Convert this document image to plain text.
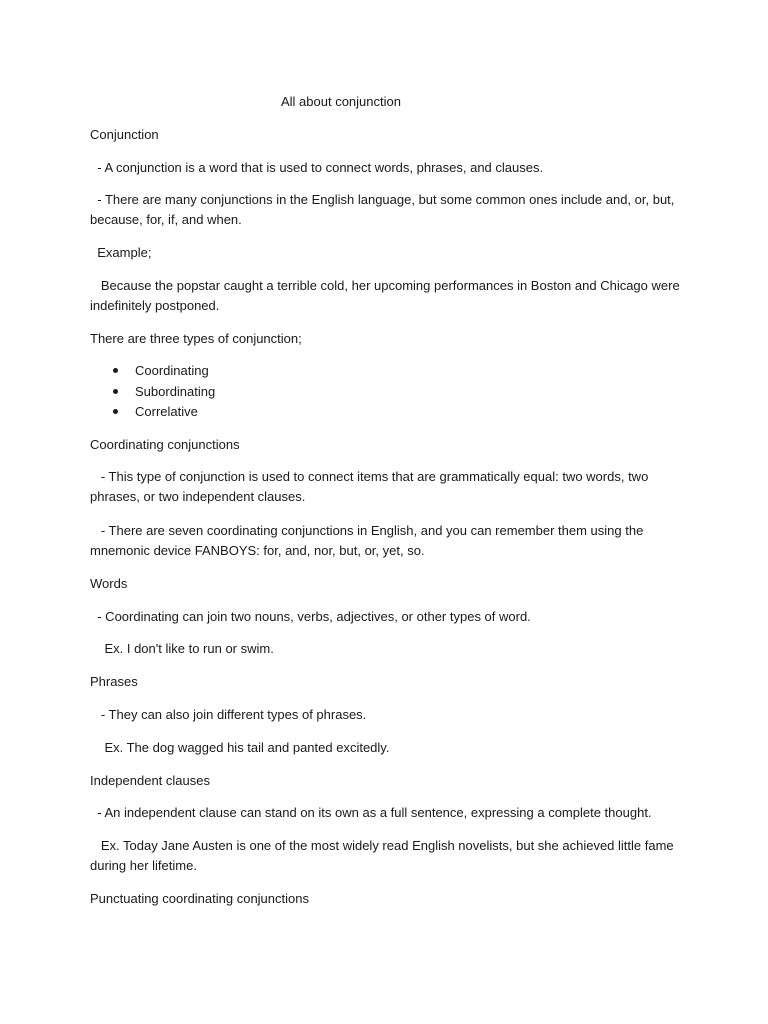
All about conjunction
Conjunction
- A conjunction is a word that is used to connect words, phrases, and clauses.
- There are many conjunctions in the English language, but some common ones include and, or, but, because, for, if, and when.
Example;
Because the popstar caught a terrible cold, her upcoming performances in Boston and Chicago were indefinitely postponed.
There are three types of conjunction;
Coordinating
Subordinating
Correlative
Coordinating conjunctions
- This type of conjunction is used to connect items that are grammatically equal: two words, two phrases, or two independent clauses.
- There are seven coordinating conjunctions in English, and you can remember them using the mnemonic device FANBOYS: for, and, nor, but, or, yet, so.
Words
- Coordinating can join two nouns, verbs, adjectives, or other types of word.
Ex. I don't like to run or swim.
Phrases
- They can also join different types of phrases.
Ex. The dog wagged his tail and panted excitedly.
Independent clauses
- An independent clause can stand on its own as a full sentence, expressing a complete thought.
Ex. Today Jane Austen is one of the most widely read English novelists, but she achieved little fame during her lifetime.
Punctuating coordinating conjunctions
